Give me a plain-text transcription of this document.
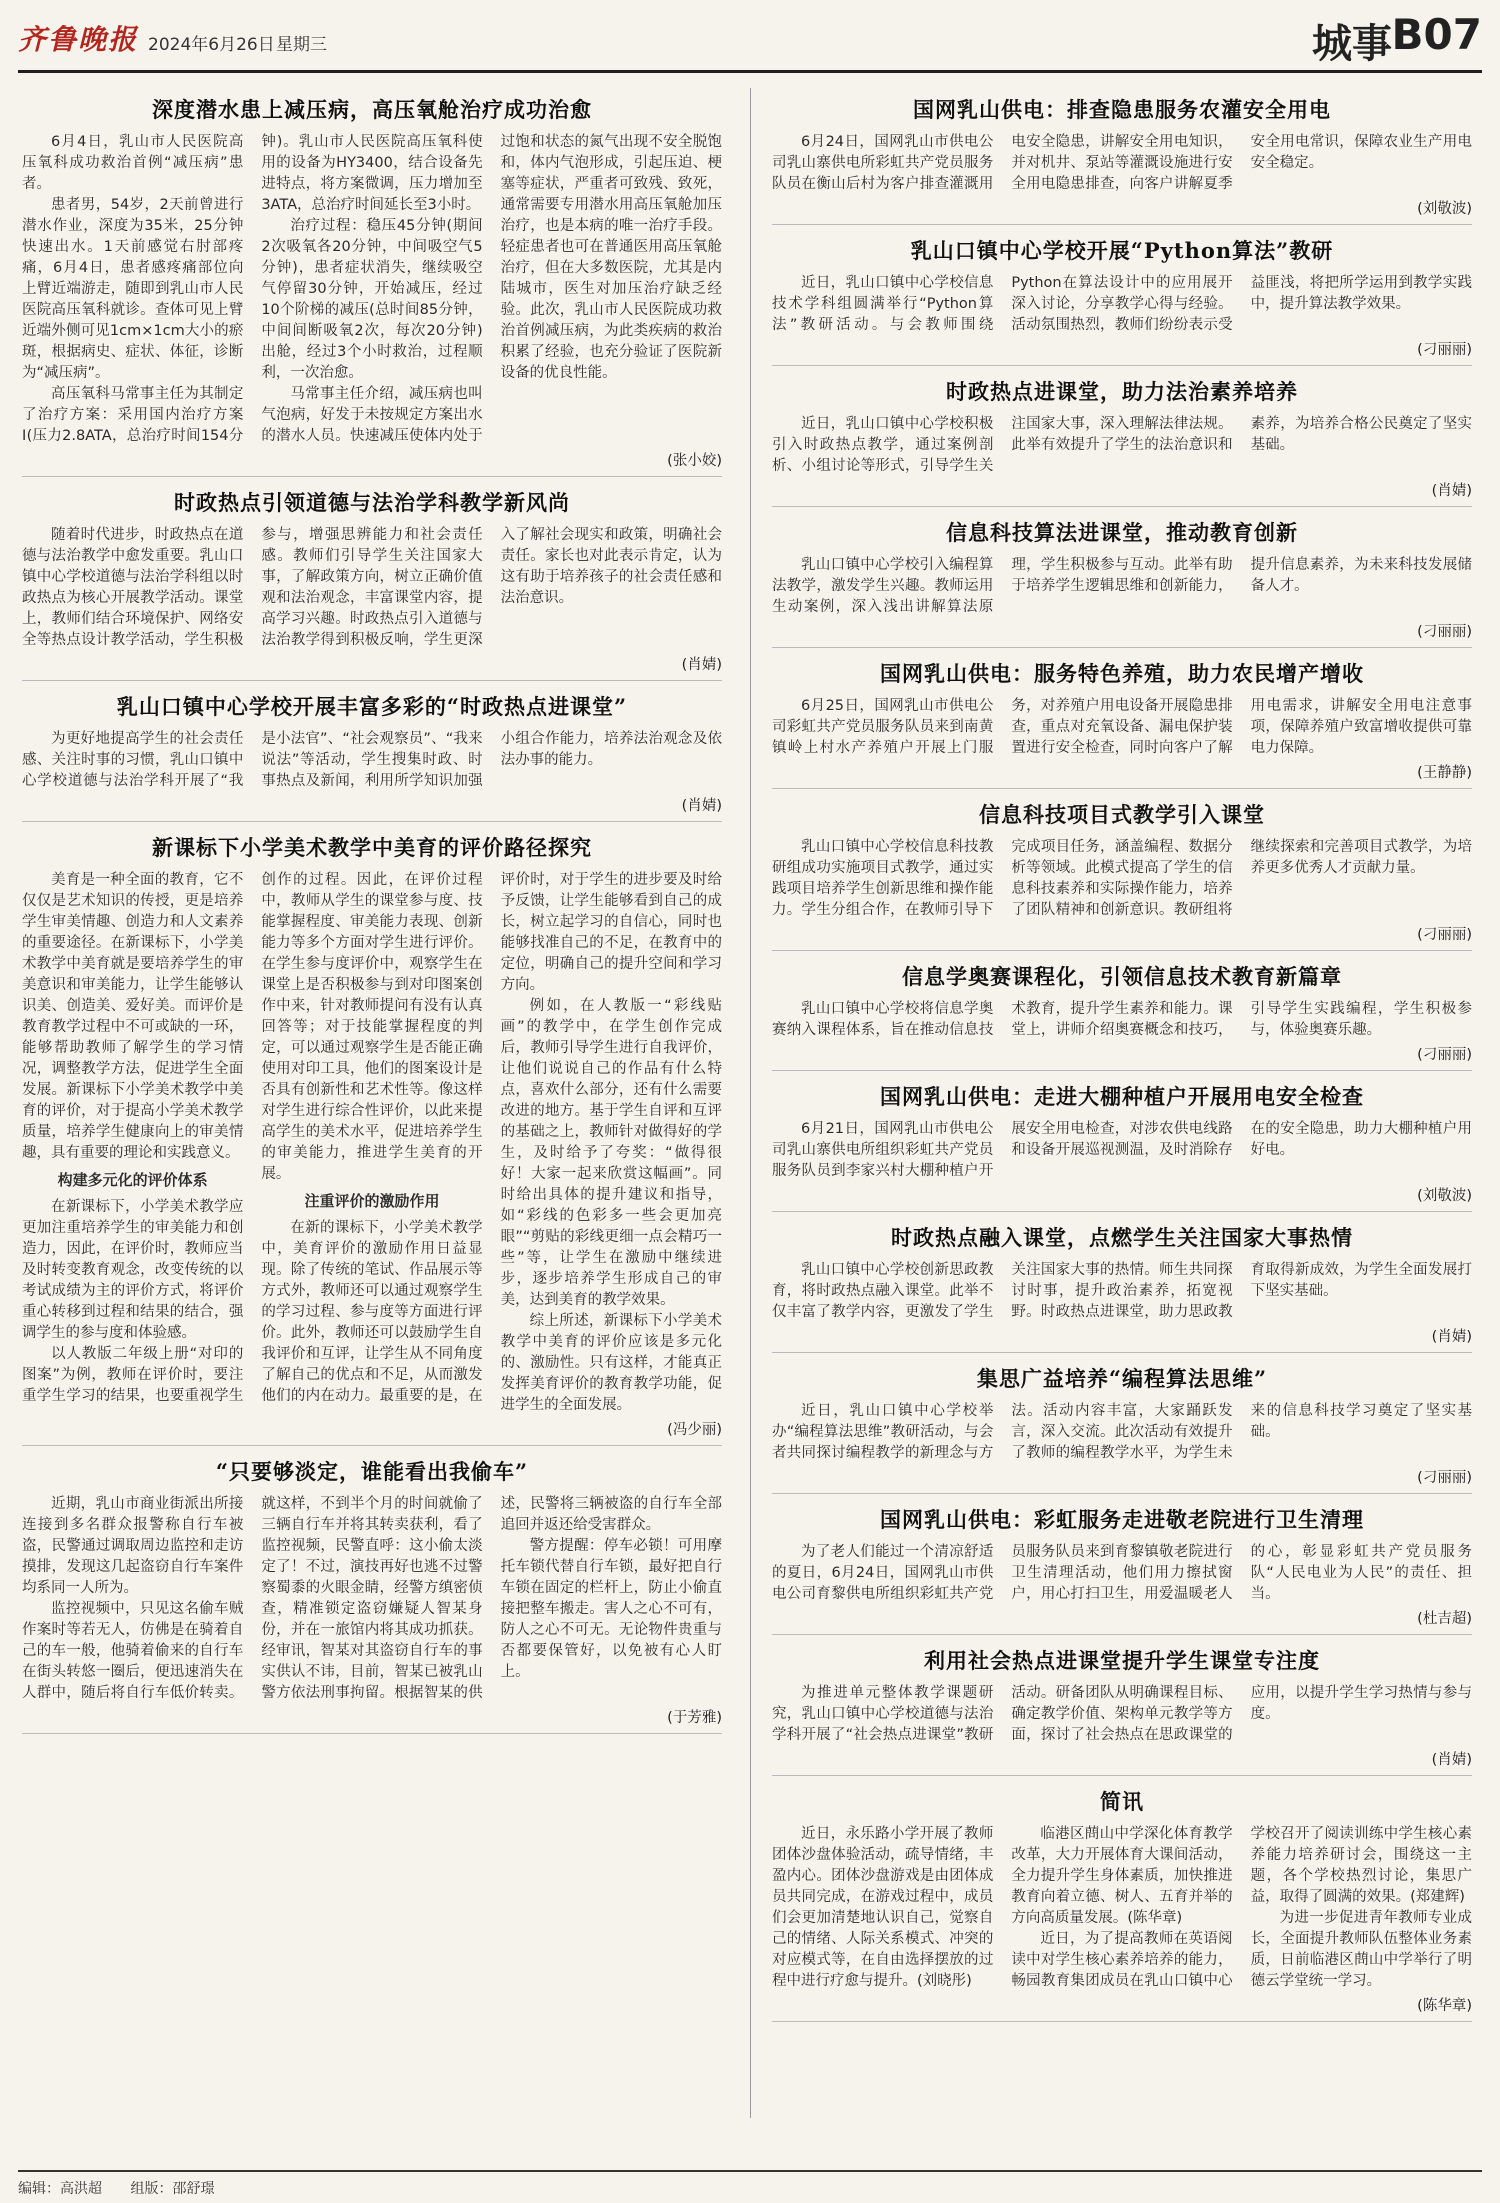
齐鲁晚报 2024年6月26日 星期三	城事 B07
深度潜水患上减压病，高压氧舱治疗成功治愈

6月4日，乳山市人民医院高压氧科成功救治首例“减压病”患者。

患者男，54岁，2天前曾进行潜水作业，深度为35米，25分钟快速出水。1天前感觉右肘部疼痛，6月4日，患者感疼痛部位向上臂近端游走，随即到乳山市人民医院高压氧科就诊。查体可见上臂近端外侧可见1cm×1cm大小的瘀斑，根据病史、症状、体征，诊断为“减压病”。

高压氧科马常事主任为其制定了治疗方案：采用国内治疗方案Ⅰ(压力2.8ATA，总治疗时间154分钟)。乳山市人民医院高压氧科使用的设备为HY3400，结合设备先进特点，将方案微调，压力增加至3ATA，总治疗时间延长至3小时。

治疗过程：稳压45分钟(期间2次吸氧各20分钟，中间吸空气5分钟)，患者症状消失，继续吸空气停留30分钟，开始减压，经过10个阶梯的减压(总时间85分钟，中间间断吸氧2次，每次20分钟)出舱，经过3个小时救治，过程顺利，一次治愈。

马常事主任介绍，减压病也叫气泡病，好发于未按规定方案出水的潜水人员。快速减压使体内处于过饱和状态的氮气出现不安全脱饱和，体内气泡形成，引起压迫、梗塞等症状，严重者可致残、致死，通常需要专用潜水用高压氧舱加压治疗，也是本病的唯一治疗手段。轻症患者也可在普通医用高压氧舱治疗，但在大多数医院，尤其是内陆城市，医生对加压治疗缺乏经验。此次，乳山市人民医院成功救治首例减压病，为此类疾病的救治积累了经验，也充分验证了医院新设备的优良性能。

(张小姣)
时政热点引领道德与法治学科教学新风尚

随着时代进步，时政热点在道德与法治教学中愈发重要。乳山口镇中心学校道德与法治学科组以时政热点为核心开展教学活动。课堂上，教师们结合环境保护、网络安全等热点设计教学活动，学生积极参与，增强思辨能力和社会责任感。教师们引导学生关注国家大事，了解政策方向，树立正确价值观和法治观念，丰富课堂内容，提高学习兴趣。时政热点引入道德与法治教学得到积极反响，学生更深入了解社会现实和政策，明确社会责任。家长也对此表示肯定，认为这有助于培养孩子的社会责任感和法治意识。

(肖婧)
乳山口镇中心学校开展丰富多彩的“时政热点进课堂”

为更好地提高学生的社会责任感、关注时事的习惯，乳山口镇中心学校道德与法治学科开展了“我是小法官”、“社会观察员”、“我来说法”等活动，学生搜集时政、时事热点及新闻，利用所学知识加强小组合作能力，培养法治观念及依法办事的能力。

(肖婧)
新课标下小学美术教学中美育的评价路径探究

美育是一种全面的教育，它不仅仅是艺术知识的传授，更是培养学生审美情趣、创造力和人文素养的重要途径。在新课标下，小学美术教学中美育就是要培养学生的审美意识和审美能力，让学生能够认识美、创造美、爱好美。而评价是教育教学过程中不可或缺的一环，能够帮助教师了解学生的学习情况，调整教学方法，促进学生全面发展。新课标下小学美术教学中美育的评价，对于提高小学美术教学质量，培养学生健康向上的审美情趣，具有重要的理论和实践意义。

构建多元化的评价体系

在新课标下，小学美术教学应更加注重培养学生的审美能力和创造力，因此，在评价时，教师应当及时转变教育观念，改变传统的以考试成绩为主的评价方式，将评价重心转移到过程和结果的结合，强调学生的参与度和体验感。

以人教版二年级上册“对印的图案”为例，教师在评价时，要注重学生学习的结果，也要重视学生创作的过程。因此，在评价过程中，教师从学生的课堂参与度、技能掌握程度、审美能力表现、创新能力等多个方面对学生进行评价。在学生参与度评价中，观察学生在课堂上是否积极参与到对印图案创作中来，针对教师提问有没有认真回答等；对于技能掌握程度的判定，可以通过观察学生是否能正确使用对印工具，他们的图案设计是否具有创新性和艺术性等。像这样对学生进行综合性评价，以此来提高学生的美术水平，促进培养学生的审美能力，推进学生美育的开展。

注重评价的激励作用

在新的课标下，小学美术教学中，美育评价的激励作用日益显现。除了传统的笔试、作品展示等方式外，教师还可以通过观察学生的学习过程、参与度等方面进行评价。此外，教师还可以鼓励学生自我评价和互评，让学生从不同角度了解自己的优点和不足，从而激发他们的内在动力。最重要的是，在评价时，对于学生的进步要及时给予反馈，让学生能够看到自己的成长，树立起学习的自信心，同时也能够找准自己的不足，在教育中的定位，明确自己的提升空间和学习方向。

例如，在人教版一“彩线贴画”的教学中，在学生创作完成后，教师引导学生进行自我评价，让他们说说自己的作品有什么特点，喜欢什么部分，还有什么需要改进的地方。基于学生自评和互评的基础之上，教师针对做得好的学生，及时给予了夸奖：“做得很好！大家一起来欣赏这幅画”。同时给出具体的提升建议和指导，如“彩线的色彩多一些会更加亮眼”“剪贴的彩线更细一点会精巧一些”等，让学生在激励中继续进步，逐步培养学生形成自己的审美，达到美育的教学效果。

综上所述，新课标下小学美术教学中美育的评价应该是多元化的、激励性。只有这样，才能真正发挥美育评价的教育教学功能，促进学生的全面发展。

(冯少丽)
“只要够淡定，谁能看出我偷车”

近期，乳山市商业街派出所接连接到多名群众报警称自行车被盗，民警通过调取周边监控和走访摸排，发现这几起盗窃自行车案件均系同一人所为。

监控视频中，只见这名偷车贼作案时等若无人，仿佛是在骑着自己的车一般，他骑着偷来的自行车在街头转悠一圈后，便迅速消失在人群中，随后将自行车低价转卖。就这样，不到半个月的时间就偷了三辆自行车并将其转卖获利，看了监控视频，民警直呼：这小偷太淡定了！不过，演技再好也逃不过警察蜀黍的火眼金睛，经警方缜密侦查，精准锁定盗窃嫌疑人智某身份，并在一旅馆内将其成功抓获。经审讯，智某对其盗窃自行车的事实供认不讳，目前，智某已被乳山警方依法刑事拘留。根据智某的供述，民警将三辆被盗的自行车全部追回并返还给受害群众。

警方提醒：停车必锁！可用摩托车锁代替自行车锁，最好把自行车锁在固定的栏杆上，防止小偷直接把整车搬走。害人之心不可有，防人之心不可无。无论物件贵重与否都要保管好，以免被有心人盯上。

(于芳雅)
国网乳山供电：排查隐患服务农灌安全用电

6月24日，国网乳山市供电公司乳山寨供电所彩虹共产党员服务队员在衡山后村为客户排查灌溉用电安全隐患，讲解安全用电知识，并对机井、泵站等灌溉设施进行安全用电隐患排查，向客户讲解夏季安全用电常识，保障农业生产用电安全稳定。

(刘敬波)
乳山口镇中心学校开展“Python算法”教研

近日，乳山口镇中心学校信息技术学科组圆满举行“Python算法”教研活动。与会教师围绕Python在算法设计中的应用展开深入讨论，分享教学心得与经验。活动氛围热烈，教师们纷纷表示受益匪浅，将把所学运用到教学实践中，提升算法教学效果。

(刁丽丽)
时政热点进课堂，助力法治素养培养

近日，乳山口镇中心学校积极引入时政热点教学，通过案例剖析、小组讨论等形式，引导学生关注国家大事，深入理解法律法规。此举有效提升了学生的法治意识和素养，为培养合格公民奠定了坚实基础。

(肖婧)
信息科技算法进课堂，推动教育创新

乳山口镇中心学校引入编程算法教学，激发学生兴趣。教师运用生动案例，深入浅出讲解算法原理，学生积极参与互动。此举有助于培养学生逻辑思维和创新能力，提升信息素养，为未来科技发展储备人才。

(刁丽丽)
国网乳山供电：服务特色养殖，助力农民增产增收

6月25日，国网乳山市供电公司彩虹共产党员服务队员来到南黄镇岭上村水产养殖户开展上门服务，对养殖户用电设备开展隐患排查，重点对充氧设备、漏电保护装置进行安全检查，同时向客户了解用电需求，讲解安全用电注意事项，保障养殖户致富增收提供可靠电力保障。

(王静静)
信息科技项目式教学引入课堂

乳山口镇中心学校信息科技教研组成功实施项目式教学，通过实践项目培养学生创新思维和操作能力。学生分组合作，在教师引导下完成项目任务，涵盖编程、数据分析等领域。此模式提高了学生的信息科技素养和实际操作能力，培养了团队精神和创新意识。教研组将继续探索和完善项目式教学，为培养更多优秀人才贡献力量。

(刁丽丽)
信息学奥赛课程化，引领信息技术教育新篇章

乳山口镇中心学校将信息学奥赛纳入课程体系，旨在推动信息技术教育，提升学生素养和能力。课堂上，讲师介绍奥赛概念和技巧，引导学生实践编程，学生积极参与，体验奥赛乐趣。

(刁丽丽)
国网乳山供电：走进大棚种植户开展用电安全检查

6月21日，国网乳山市供电公司乳山寨供电所组织彩虹共产党员服务队员到李家兴村大棚种植户开展安全用电检查，对涉农供电线路和设备开展巡视测温，及时消除存在的安全隐患，助力大棚种植户用好电。

(刘敬波)
时政热点融入课堂，点燃学生关注国家大事热情

乳山口镇中心学校创新思政教育，将时政热点融入课堂。此举不仅丰富了教学内容，更激发了学生关注国家大事的热情。师生共同探讨时事，提升政治素养，拓宽视野。时政热点进课堂，助力思政教育取得新成效，为学生全面发展打下坚实基础。

(肖婧)
集思广益培养“编程算法思维”

近日，乳山口镇中心学校举办“编程算法思维”教研活动，与会者共同探讨编程教学的新理念与方法。活动内容丰富，大家踊跃发言，深入交流。此次活动有效提升了教师的编程教学水平，为学生未来的信息科技学习奠定了坚实基础。

(刁丽丽)
国网乳山供电：彩虹服务走进敬老院进行卫生清理

为了老人们能过一个清凉舒适的夏日，6月24日，国网乳山市供电公司育黎供电所组织彩虹共产党员服务队员来到育黎镇敬老院进行卫生清理活动，他们用力擦拭窗户，用心打扫卫生，用爱温暖老人的心，彰显彩虹共产党员服务队“人民电业为人民”的责任、担当。

(杜吉超)
利用社会热点进课堂提升学生课堂专注度

为推进单元整体教学课题研究，乳山口镇中心学校道德与法治学科开展了“社会热点进课堂”教研活动。研备团队从明确课程目标、确定教学价值、架构单元教学等方面，探讨了社会热点在思政课堂的应用，以提升学生学习热情与参与度。

(肖婧)
简讯

近日，永乐路小学开展了教师团体沙盘体验活动，疏导情绪，丰盈内心。团体沙盘游戏是由团体成员共同完成，在游戏过程中，成员们会更加清楚地认识自己，觉察自己的情绪、人际关系模式、冲突的对应模式等，在自由选择摆放的过程中进行疗愈与提升。(刘晓彤)

临港区蔄山中学深化体育教学改革，大力开展体育大课间活动，全力提升学生身体素质，加快推进教育向着立德、树人、五育并举的方向高质量发展。(陈华章)

近日，为了提高教师在英语阅读中对学生核心素养培养的能力，畅园教育集团成员在乳山口镇中心学校召开了阅读训练中学生核心素养能力培养研讨会，围绕这一主题，各个学校热烈讨论，集思广益，取得了圆满的效果。(郑建辉)

为进一步促进青年教师专业成长，全面提升教师队伍整体业务素质，日前临港区蔄山中学举行了明德云学堂统一学习。

(陈华章)
编辑：高洪超 组版：邵舒璟
